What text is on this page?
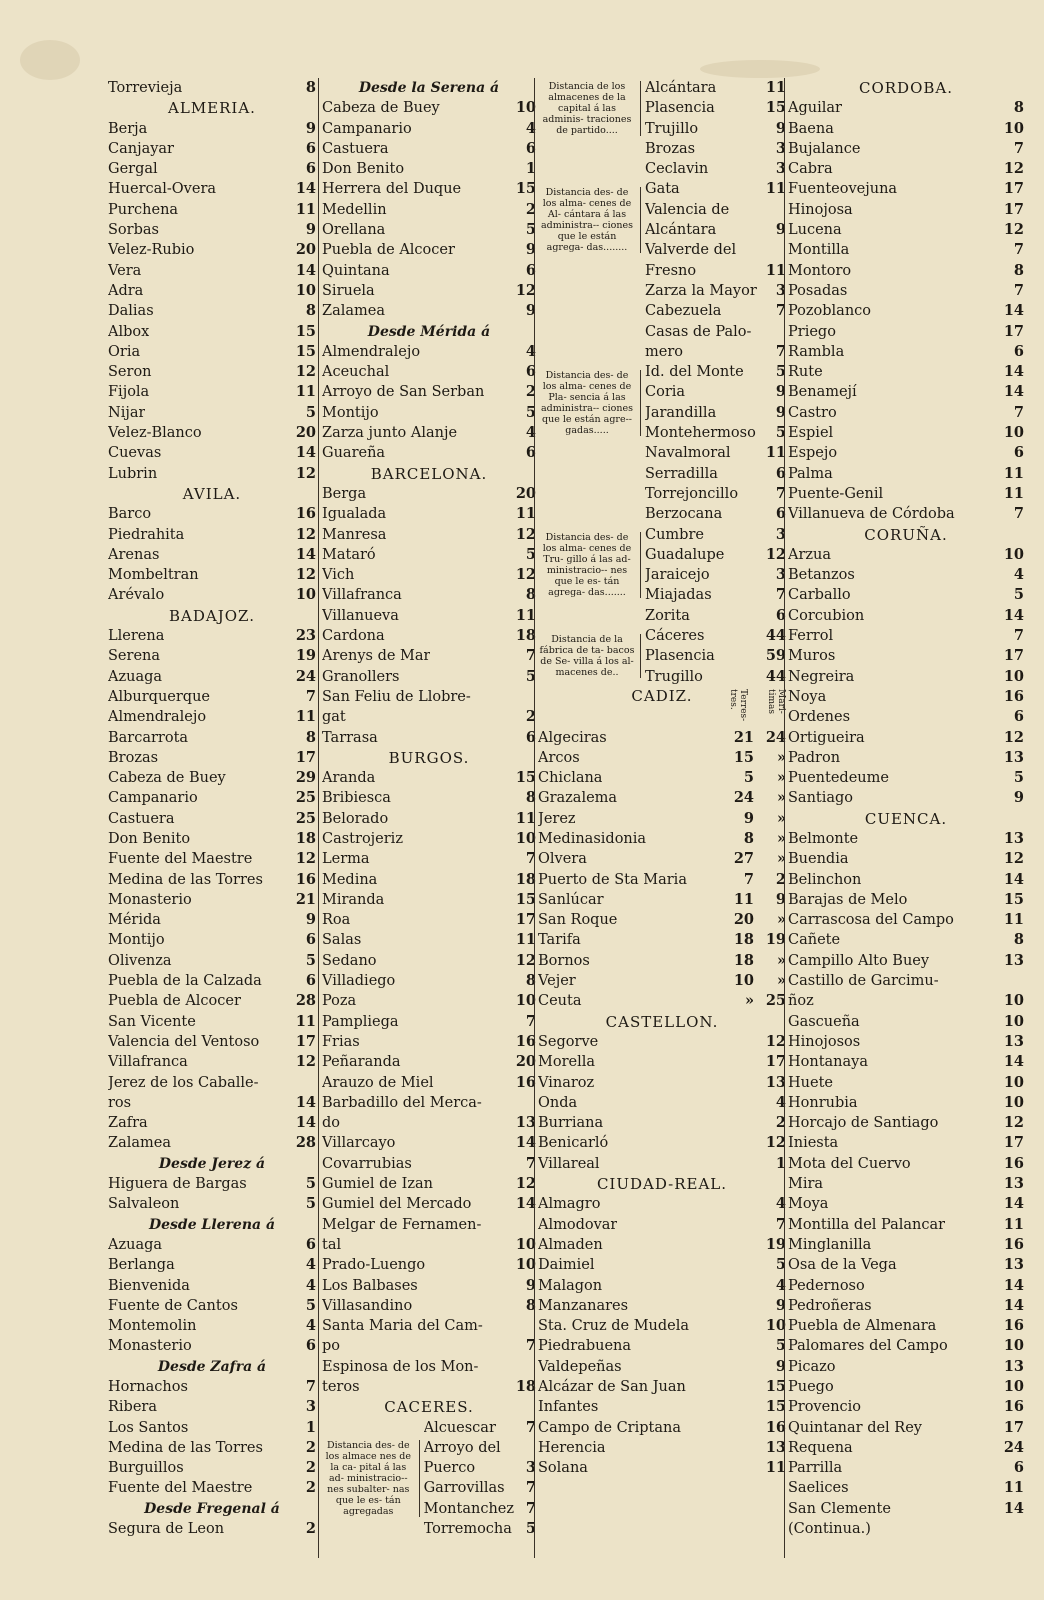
Torrevieja	8
ALMERIA.
Berja	9
Canjayar	6
Gergal	6
Huercal-Overa	14
Purchena	11
Sorbas	9
Velez-Rubio	20
Vera	14
Adra	10
Dalias	8
Albox	15
Oria	15
Seron	12
Fijola	11
Nijar	5
Velez-Blanco	20
Cuevas	14
Lubrin	12
AVILA.
Barco	16
Piedrahita	12
Arenas	14
Mombeltran	12
Arévalo	10
BADAJOZ.
Llerena	23
Serena	19
Azuaga	24
Alburquerque	7
Almendralejo	11
Barcarrota	8
Brozas	17
Cabeza de Buey	29
Campanario	25
Castuera	25
Don Benito	18
Fuente del Maestre	12
Medina de las Torres 16
Monasterio	21
Mérida	9
Montijo	6
Olivenza	5
Puebla de la Calzada	6
Puebla de Alcocer	28
San Vicente	11
Valencia del Ventoso	17
Villafranca	12
Jerez de los Caballe-
ros	14
Zafra	14
Zalamea	28
Desde Jerez á
Higuera de Bargas	5
Salvaleon	5
Desde Llerena á
Azuaga	6
Berlanga	4
Bienvenida	4
Fuente de Cantos	5
Montemolin	4
Monasterio	6
Desde Zafra á
Hornachos	7
Ribera	3
Los Santos	1
Medina de las Torres	2
Burguillos	2
Fuente del Maestre	2
Desde Fregenal á
Segura de Leon	2
Desde la Serena á
Cabeza de Buey	10
Campanario	4
Castuera	6
Don Benito	1
Herrera del Duque	15
Medellin	2
Orellana	5
Puebla de Alcocer	9
Quintana	6
Siruela	12
Zalamea	9
Desde Mérida á
Almendralejo	4
Aceuchal	6
Arroyo de San Serban	2
Montijo	5
Zarza junto Alanje	4
Guareña	6
BARCELONA.
Berga	20
Igualada	11
Manresa	12
Mataró	5
Vich	12
Villafranca	8
Villanueva	11
Cardona	18
Arenys de Mar	7
Granollers	5
San Feliu de Llobre-
gat	2
Tarrasa	6
BURGOS.
Aranda	15
Bribiesca	8
Belorado	11
Castrojeriz	10
Lerma	7
Medina	18
Miranda	15
Roa	17
Salas	11
Sedano	12
Villadiego	8
Poza	10
Pampliega	7
Frias	16
Peñaranda	20
Arauzo de Miel	16
Barbadillo del Merca-
do	13
Villarcayo	14
Covarrubias	7
Gumiel de Izan	12
Gumiel del Mercado	14
Melgar de Fernamen-
tal	10
Prado-Luengo	10
Los Balbases	9
Villasandino	8
Santa Maria del Cam-
po	7
Espinosa de los Mon-
teros	18
CACERES.
Distancia des- de los almace nes de la ca- pital á las ad- ministracio-- nes subalter- nas que le es- tán agregadas
Alcuescar	7
Arroyo del
Puerco	3
Garrovillas	7
Montanchez 7
Torremocha 5
Distancia de los almacenes de la capital á las adminis- traciones de partido....
Alcántara	11
Plasencia	15
Trujillo	9
Distancia des- de los alma- cenes de Al- cántara á las administra-- ciones que le están agrega- das........
Brozas	3
Ceclavin	3
Gata	11
Valencia de
Alcántara	9
Valverde del
Fresno	11
Zarza la Mayor	3
Distancia des- de los alma- cenes de Pla- sencia á las administra-- ciones que le están agre-- gadas.....
Cabezuela	7
Casas de Palo-
mero	7
Id. del Monte	5
Coria	9
Jarandilla	9
Montehermoso	5
Navalmoral 11
Serradilla	6
Torrejoncillo	7
Distancia des- de los alma- cenes de Tru- gillo á las ad- ministracio-- nes que le es- tán agrega- das.......
Berzocana	6
Cumbre	3
Guadalupe	12
Jaraicejo	3
Miajadas	7
Zorita	6
Distancia de la fábrica de ta- bacos de Se- villa á los al- macenes de..
Cáceres	44
Plasencia	59
Trugillo	44
CADIZ.	Terres- tres.	Mari- timas
Algeciras	21 24
Arcos	15	»
Chiclana	5	»
Grazalema	24	»
Jerez	9	»
Medinasidonia	8	»
Olvera	27	»
Puerto de Sta Maria	7	2
Sanlúcar	11	9
San Roque	20	»
Tarifa	18 19
Bornos	18	»
Vejer	10	»
Ceuta	» 25
CASTELLON.
Segorve	12
Morella	17
Vinaroz	13
Onda	4
Burriana	2
Benicarló	12
Villareal	1
CIUDAD-REAL.
Almagro	4
Almodovar	7
Almaden	19
Daimiel	5
Malagon	4
Manzanares	9
Sta. Cruz de Mudela	10
Piedrabuena	5
Valdepeñas	9
Alcázar de San Juan	15
Infantes	15
Campo de Criptana	16
Herencia	13
Solana	11
CORDOBA.
Aguilar	8
Baena	10
Bujalance	7
Cabra	12
Fuenteovejuna	17
Hinojosa	17
Lucena	12
Montilla	7
Montoro	8
Posadas	7
Pozoblanco	14
Priego	17
Rambla	6
Rute	14
Benamejí	14
Castro	7
Espiel	10
Espejo	6
Palma	11
Puente-Genil	11
Villanueva de Córdoba	7
CORUÑA.
Arzua	10
Betanzos	4
Carballo	5
Corcubion	14
Ferrol	7
Muros	17
Negreira	10
Noya	16
Ordenes	6
Ortigueira	12
Padron	13
Puentedeume	5
Santiago	9
CUENCA.
Belmonte	13
Buendia	12
Belinchon	14
Barajas de Melo	15
Carrascosa del Campo	11
Cañete	8
Campillo Alto Buey	13
Castillo de Garcimu-
ñoz	10
Gascueña	10
Hinojosos	13
Hontanaya	14
Huete	10
Honrubia	10
Horcajo de Santiago	12
Iniesta	17
Mota del Cuervo	16
Mira	13
Moya	14
Montilla del Palancar	11
Minglanilla	16
Osa de la Vega	13
Pedernoso	14
Pedroñeras	14
Puebla de Almenara	16
Palomares del Campo	10
Picazo	13
Puego	10
Provencio	16
Quintanar del Rey	17
Requena	24
Parrilla	6
Saelices	11
San Clemente	14
(Continua.)
